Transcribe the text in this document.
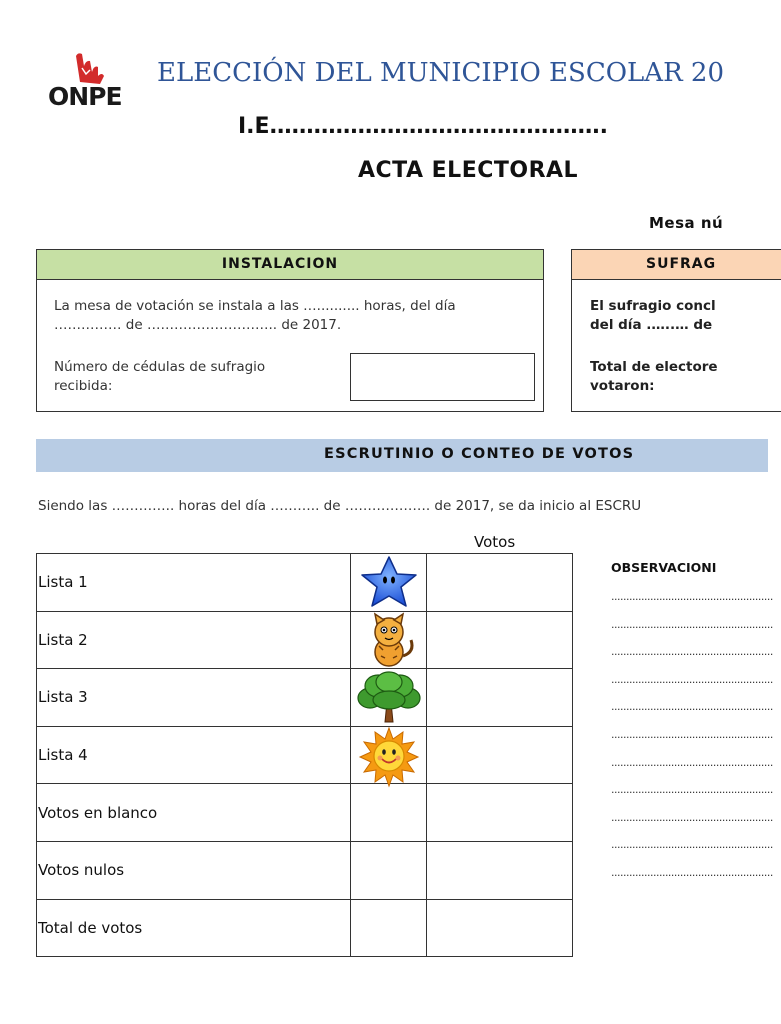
ONPE
ELECCIÓN DEL MUNICIPIO ESCOLAR 20
I.E……………………………………….
ACTA ELECTORAL
Mesa nú
INSTALACION
La mesa de votación se instala a las ….......... horas, del día …………… de ……………………….. de 2017.
Número de cédulas de sufragio recibida:
SUFRAG
El sufragio concl
del día .…..… de
Total de electore
votaron:
ESCRUTINIO O CONTEO DE VOTOS
Siendo las ………….. horas del día ……….. de ………………. de 2017, se da inicio al ESCRU
Votos
Lista 1	

Lista 2	

Lista 3	

Lista 4	

Votos en blanco		
Votos nulos		
Total de votos		
OBSERVACIONI
......................................................
......................................................
......................................................
......................................................
......................................................
......................................................
......................................................
......................................................
......................................................
......................................................
......................................................
